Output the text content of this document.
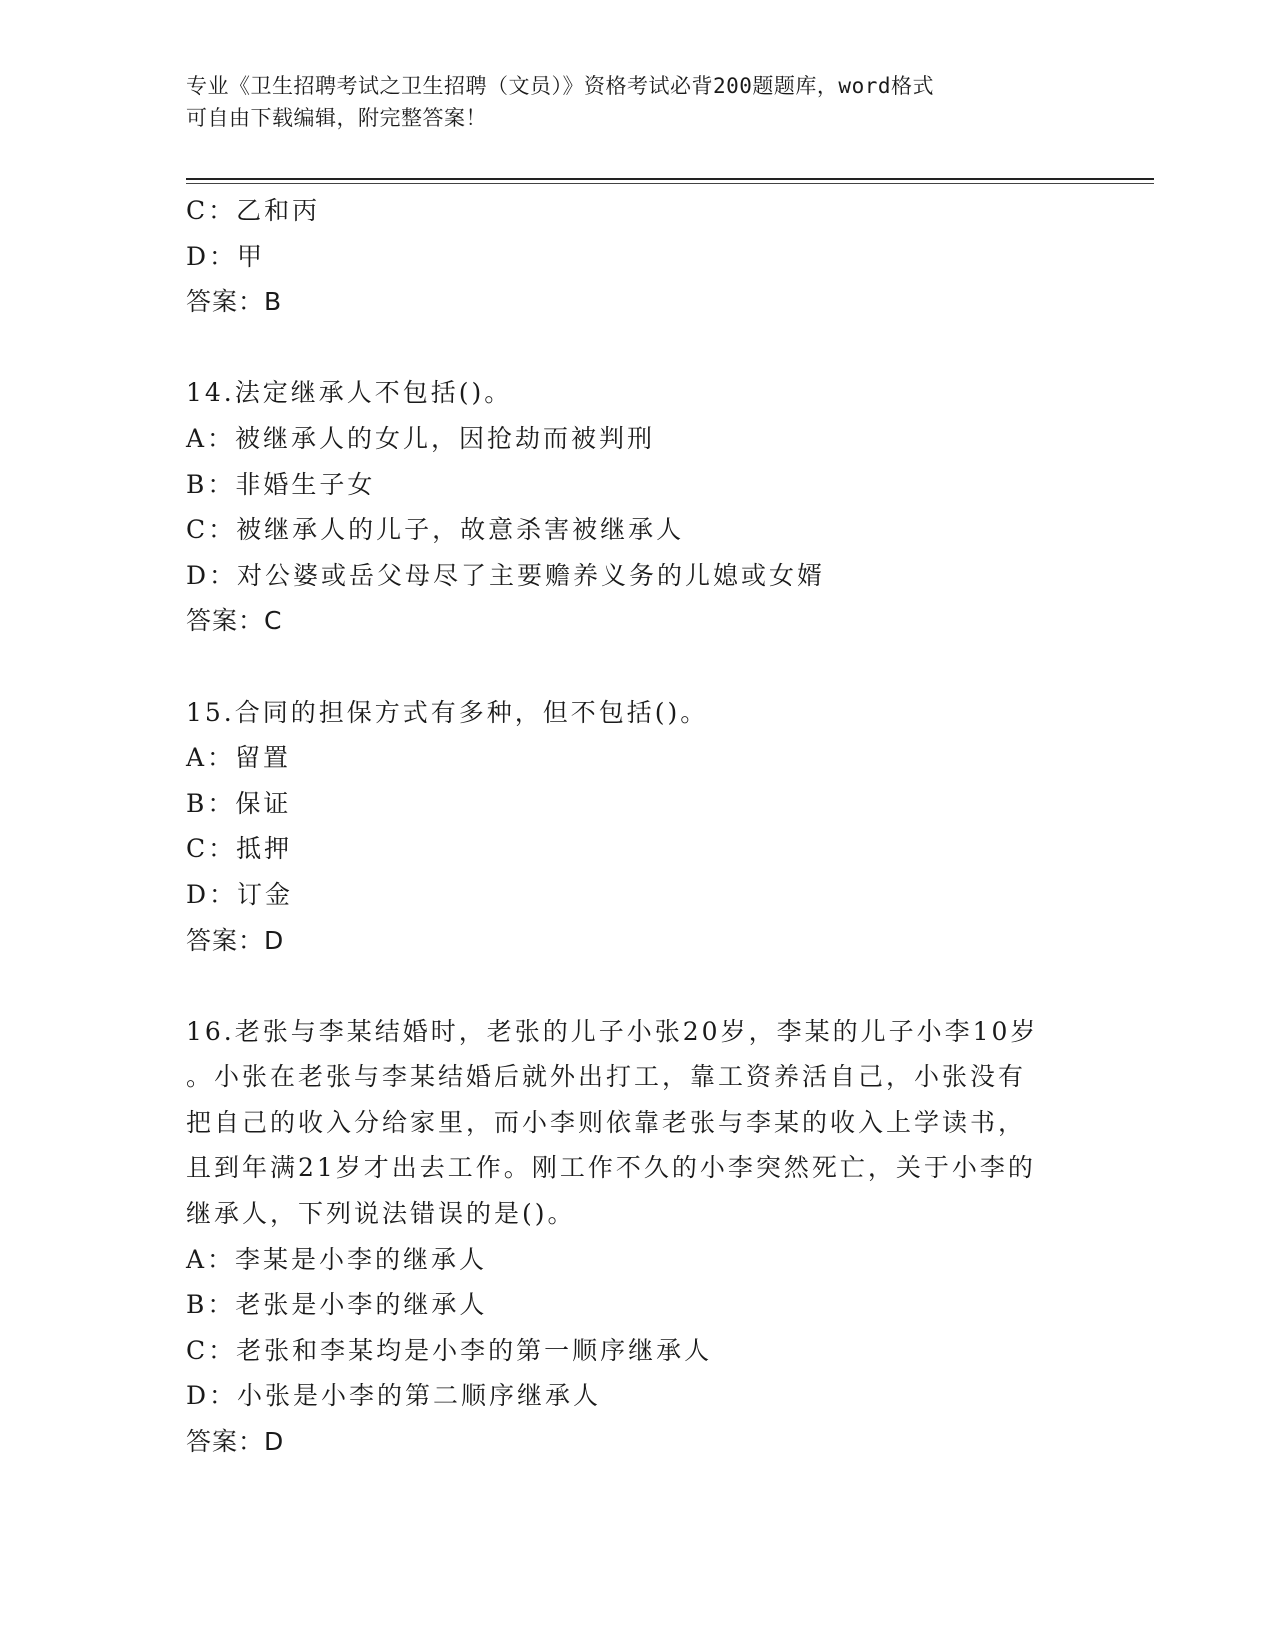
专业《卫生招聘考试之卫生招聘（文员）》资格考试必背200题题库，word格式
可自由下载编辑，附完整答案！
C：乙和丙
D：甲
答案：B
14.法定继承人不包括()。
A：被继承人的女儿，因抢劫而被判刑
B：非婚生子女
C：被继承人的儿子，故意杀害被继承人
D：对公婆或岳父母尽了主要赡养义务的儿媳或女婿
答案：C
15.合同的担保方式有多种，但不包括()。
A：留置
B：保证
C：抵押
D：订金
答案：D
16.老张与李某结婚时，老张的儿子小张20岁，李某的儿子小李10岁
。小张在老张与李某结婚后就外出打工，靠工资养活自己，小张没有
把自己的收入分给家里，而小李则依靠老张与李某的收入上学读书，
且到年满21岁才出去工作。刚工作不久的小李突然死亡，关于小李的
继承人，下列说法错误的是()。
A：李某是小李的继承人
B：老张是小李的继承人
C：老张和李某均是小李的第一顺序继承人
D：小张是小李的第二顺序继承人
答案：D
